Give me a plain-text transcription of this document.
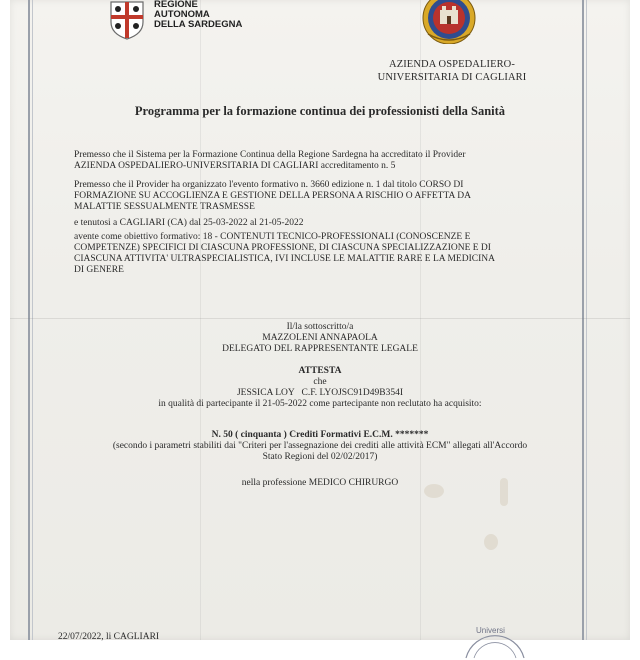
REGIONE
AUTONOMA
DELLA SARDEGNA
AZIENDA OSPEDALIERO-
UNIVERSITARIA DI CAGLIARI
Programma per la formazione continua dei professionisti della Sanità
Premesso che il Sistema per la Formazione Continua della Regione Sardegna ha accreditato il Provider
AZIENDA OSPEDALIERO-UNIVERSITARIA DI CAGLIARI accreditamento n. 5
Premesso che il Provider ha organizzato l'evento formativo n. 3660 edizione n. 1 dal titolo CORSO DI
FORMAZIONE SU ACCOGLIENZA E GESTIONE DELLA PERSONA A RISCHIO O AFFETTA DA
MALATTIE SESSUALMENTE TRASMESSE
e tenutosi a CAGLIARI (CA) dal 25-03-2022 al 21-05-2022
avente come obiettivo formativo: 18 - CONTENUTI TECNICO-PROFESSIONALI (CONOSCENZE E
COMPETENZE) SPECIFICI DI CIASCUNA PROFESSIONE, DI CIASCUNA SPECIALIZZAZIONE E DI
CIASCUNA ATTIVITA' ULTRASPECIALISTICA, IVI INCLUSE LE MALATTIE RARE E LA MEDICINA
DI GENERE
Il/la sottoscritto/a
MAZZOLENI ANNAPAOLA
DELEGATO DEL RAPPRESENTANTE LEGALE
ATTESTA
che
JESSICA LOY   C.F. LYOJSC91D49B354I
in qualità di partecipante il 21-05-2022 come partecipante non reclutato ha acquisito:
N. 50 ( cinquanta ) Crediti Formativi E.C.M. *******
(secondo i parametri stabiliti dai "Criteri per l'assegnazione dei crediti alle attività ECM" allegati all'Accordo
Stato Regioni del 02/02/2017)
nella professione MEDICO CHIRURGO
22/07/2022, li CAGLIARI
Universi
